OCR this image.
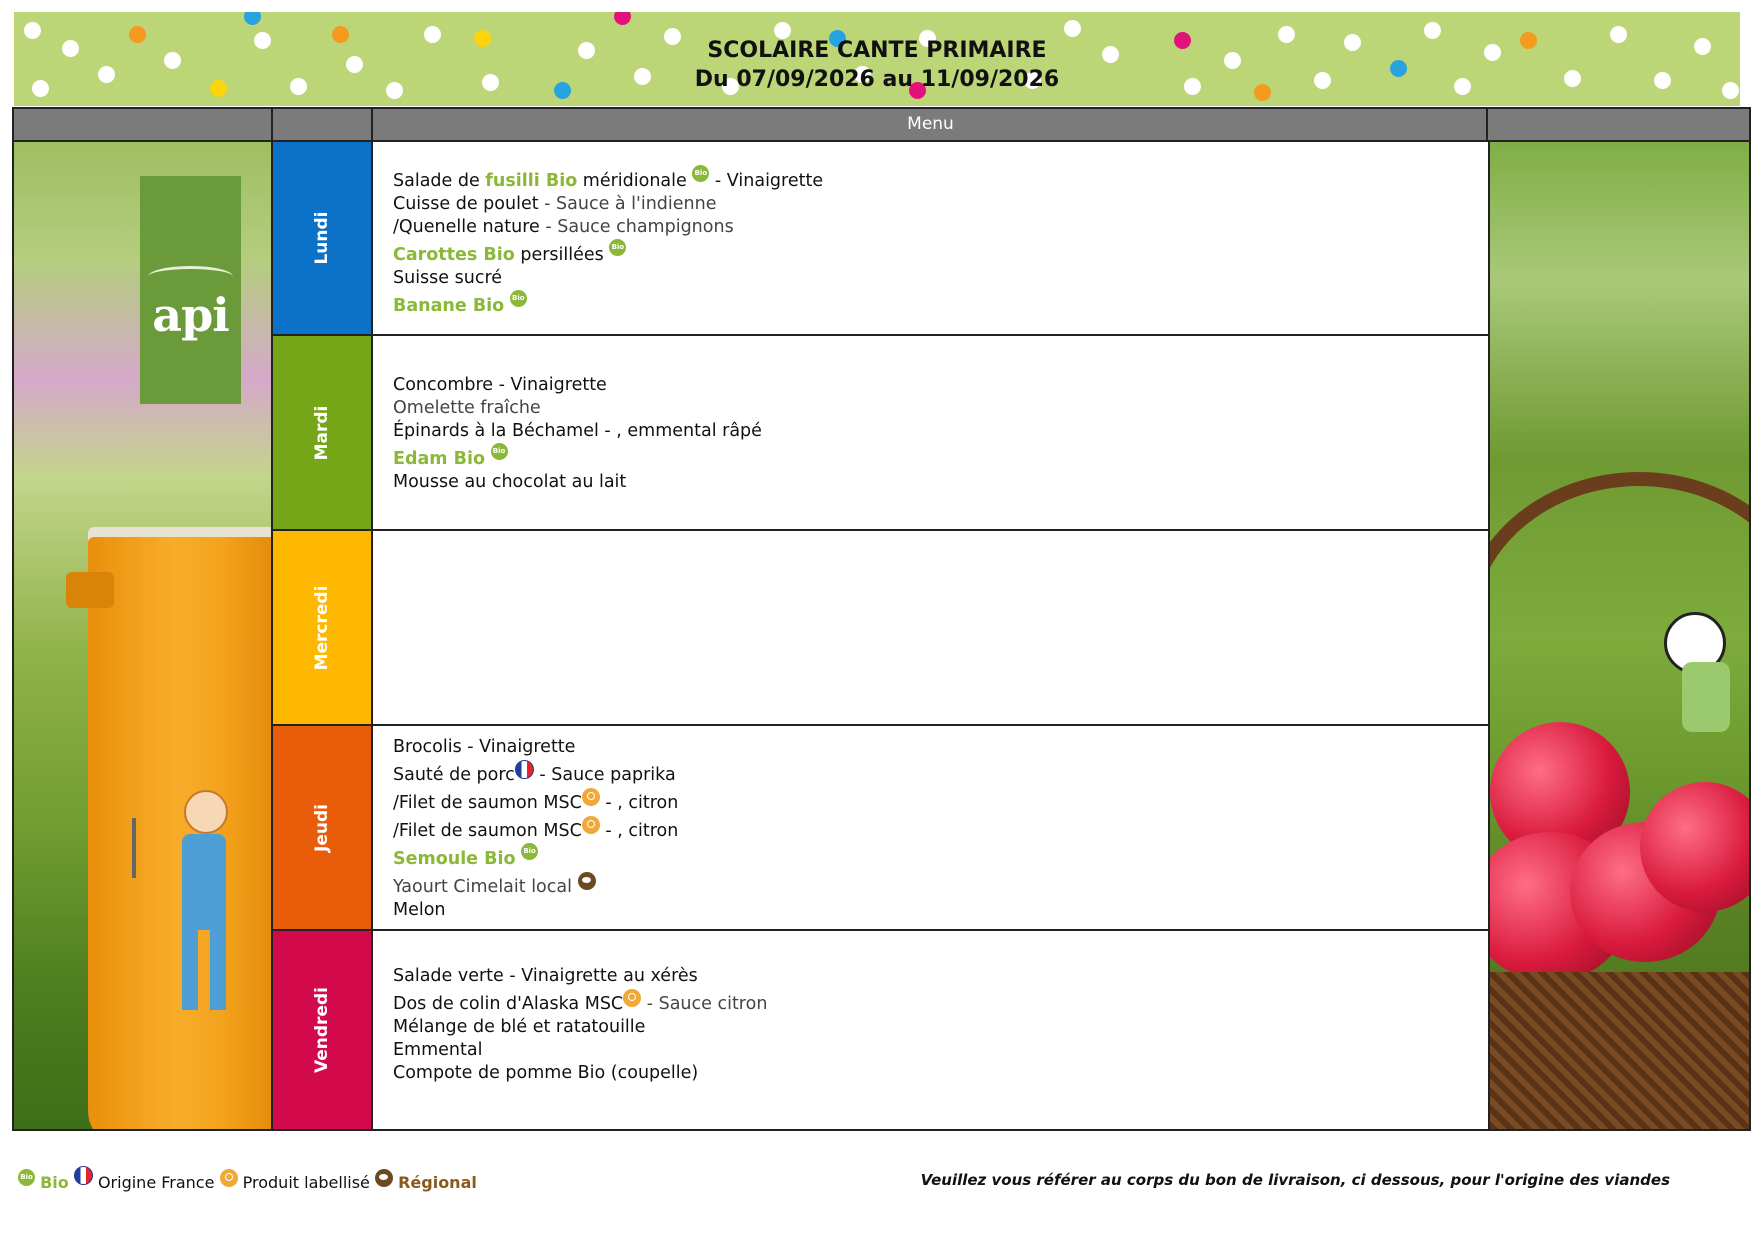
SCOLAIRE CANTE PRIMAIRE
Du 07/09/2026 au 11/09/2026
Menu
api
Lundi
Mardi
Mercredi
Jeudi
Vendredi
Salade de fusilli Bio méridionale Bio - Vinaigrette
Cuisse de poulet - Sauce à l'indienne
/Quenelle nature - Sauce champignons
Carottes Bio persillées Bio
Suisse sucré
Banane Bio Bio
Concombre - Vinaigrette
Omelette fraîche
Épinards à la Béchamel - , emmental râpé
Edam Bio Bio
Mousse au chocolat au lait
Brocolis - Vinaigrette
Sauté de porc - Sauce paprika
/Filet de saumon MSC - , citron
/Filet de saumon MSC - , citron
Semoule Bio Bio
Yaourt Cimelait local
Melon
Salade verte - Vinaigrette au xérès
Dos de colin d'Alaska MSC - Sauce citron
Mélange de blé et ratatouille
Emmental
Compote de pomme Bio (coupelle)
Bio Bio Origine France Produit labellisé Régional	Veuillez vous référer au corps du bon de livraison, ci dessous, pour l'origine des viandes
